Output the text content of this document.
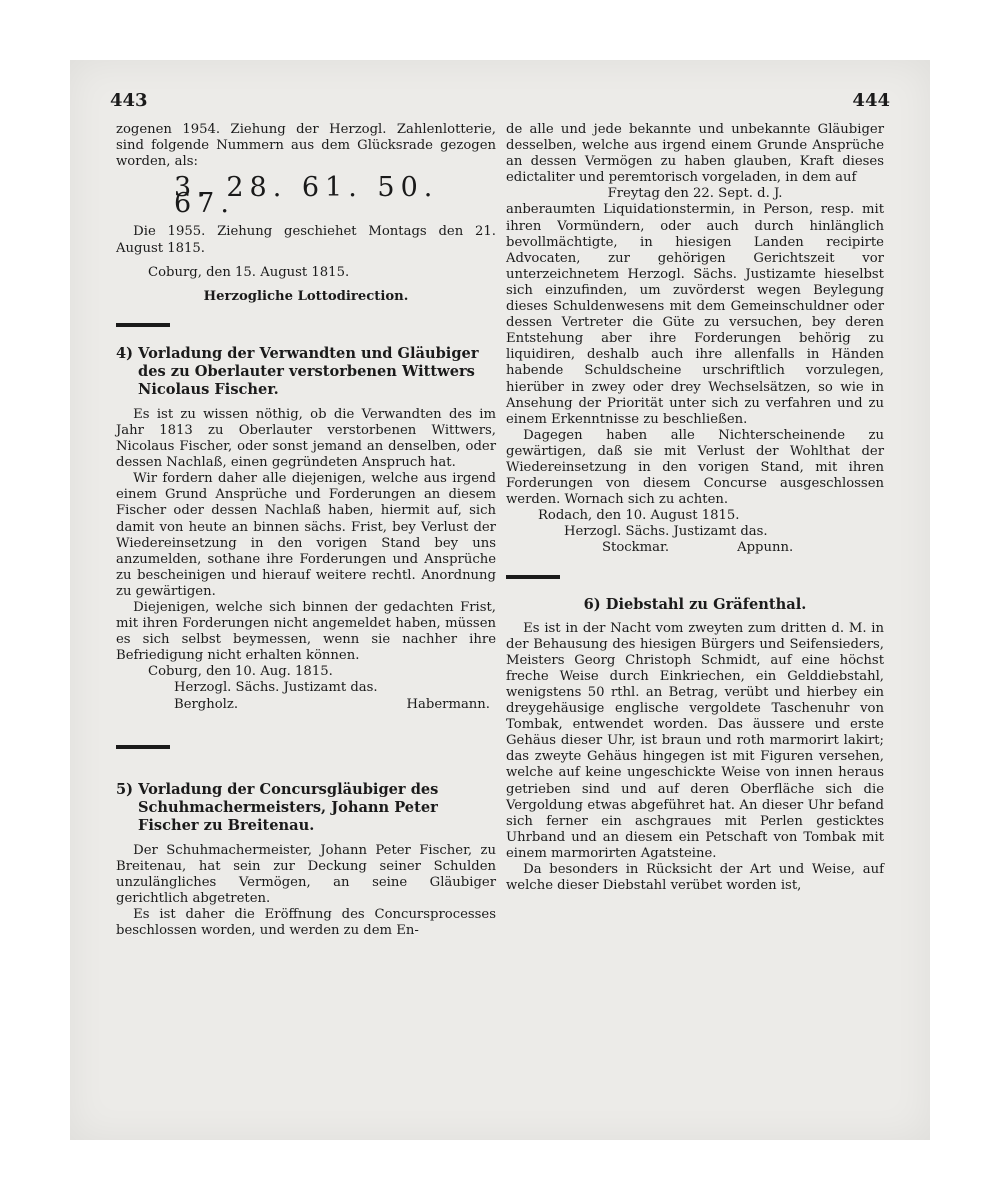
443	444

zogenen 1954. Ziehung der Herzogl. Zahlenlotterie, sind folgende Nummern aus dem Glücksrade gezogen worden, als:

3. 28. 61. 50. 67.

Die 1955. Ziehung geschiehet Montags den 21. August 1815.

Coburg, den 15. August 1815.

Herzogliche Lottodirection.

4) Vorladung der Verwandten und Gläubiger des zu Oberlauter verstorbenen Wittwers Nicolaus Fischer.

Es ist zu wissen nöthig, ob die Verwandten des im Jahr 1813 zu Oberlauter verstorbenen Wittwers, Nicolaus Fischer, oder sonst jemand an denselben, oder dessen Nachlaß, einen gegründeten Anspruch hat.

Wir fordern daher alle diejenigen, welche aus irgend einem Grund Ansprüche und Forderungen an diesem Fischer oder dessen Nachlaß haben, hiermit auf, sich damit von heute an binnen sächs. Frist, bey Verlust der Wiedereinsetzung in den vorigen Stand bey uns anzumelden, sothane ihre Forderungen und Ansprüche zu bescheinigen und hierauf weitere rechtl. Anordnung zu gewärtigen.

Diejenigen, welche sich binnen der gedachten Frist, mit ihren Forderungen nicht angemeldet haben, müssen es sich selbst beymessen, wenn sie nachher ihre Befriedigung nicht erhalten können.

Coburg, den 10. Aug. 1815.

Herzogl. Sächs. Justizamt das.

Bergholz.	Habermann.

5) Vorladung der Concursgläubiger des Schuhmachermeisters, Johann Peter Fischer zu Breitenau.

Der Schuhmachermeister, Johann Peter Fischer, zu Breitenau, hat sein zur Deckung seiner Schulden unzulängliches Vermögen, an seine Gläubiger gerichtlich abgetreten.

Es ist daher die Eröffnung des Concursprocesses beschlossen worden, und werden zu dem En-

de alle und jede bekannte und unbekannte Gläubiger desselben, welche aus irgend einem Grunde Ansprüche an dessen Vermögen zu haben glauben, Kraft dieses edictaliter und peremtorisch vorgeladen, in dem auf

Freytag den 22. Sept. d. J.

anberaumten Liquidationstermin, in Person, resp. mit ihren Vormündern, oder auch durch hinlänglich bevollmächtigte, in hiesigen Landen recipirte Advocaten, zur gehörigen Gerichtszeit vor unterzeichnetem Herzogl. Sächs. Justizamte hieselbst sich einzufinden, um zuvörderst wegen Beylegung dieses Schuldenwesens mit dem Gemeinschuldner oder dessen Vertreter die Güte zu versuchen, bey deren Entstehung aber ihre Forderungen behörig zu liquidiren, deshalb auch ihre allenfalls in Händen habende Schuldscheine urschriftlich vorzulegen, hierüber in zwey oder drey Wechselsätzen, so wie in Ansehung der Priorität unter sich zu verfahren und zu einem Erkenntnisse zu beschließen.

Dagegen haben alle Nichterscheinende zu gewärtigen, daß sie mit Verlust der Wohlthat der Wiedereinsetzung in den vorigen Stand, mit ihren Forderungen von diesem Concurse ausgeschlossen werden. Wornach sich zu achten.

Rodach, den 10. August 1815.

Herzogl. Sächs. Justizamt das.

Stockmar.	Appunn.

6) Diebstahl zu Gräfenthal.

Es ist in der Nacht vom zweyten zum dritten d. M. in der Behausung des hiesigen Bürgers und Seifensieders, Meisters Georg Christoph Schmidt, auf eine höchst freche Weise durch Einkriechen, ein Gelddiebstahl, wenigstens 50 rthl. an Betrag, verübt und hierbey ein dreygehäusige englische vergoldete Taschenuhr von Tombak, entwendet worden. Das äussere und erste Gehäus dieser Uhr, ist braun und roth marmorirt lakirt; das zweyte Gehäus hingegen ist mit Figuren versehen, welche auf keine ungeschickte Weise von innen heraus getrieben sind und auf deren Oberfläche sich die Vergoldung etwas abgeführet hat. An dieser Uhr befand sich ferner ein aschgraues mit Perlen gesticktes Uhrband und an diesem ein Petschaft von Tombak mit einem marmorirten Agatsteine.

Da besonders in Rücksicht der Art und Weise, auf welche dieser Diebstahl verübet worden ist,
